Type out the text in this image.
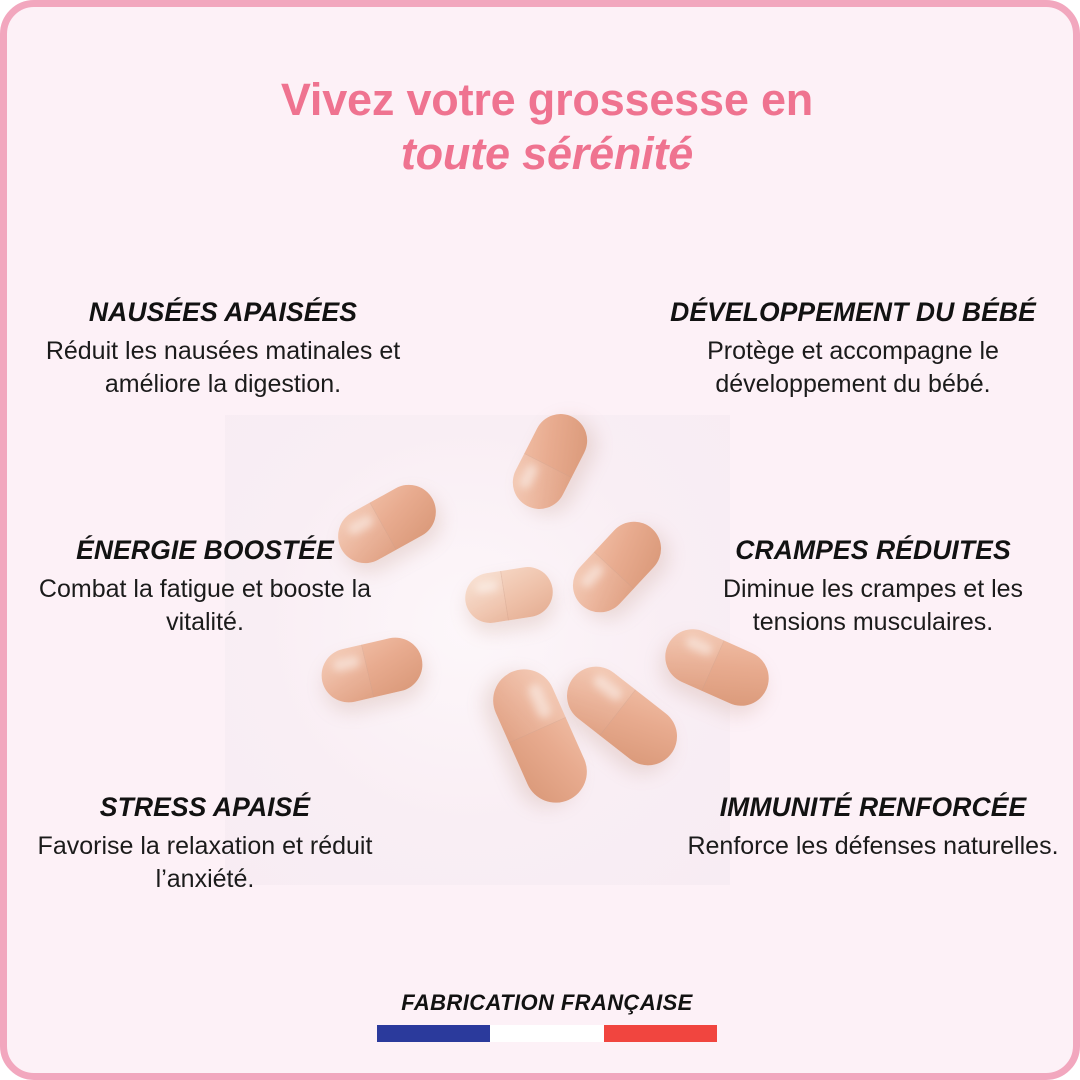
Vivez votre grossesse en
toute sérénité
NAUSÉES APAISÉES
Réduit les nausées matinales et améliore la digestion.
ÉNERGIE BOOSTÉE
Combat la fatigue et booste la vitalité.
STRESS APAISÉ
Favorise la relaxation et réduit l’anxiété.
DÉVELOPPEMENT DU BÉBÉ
Protège et accompagne le développement du bébé.
CRAMPES RÉDUITES
Diminue les crampes et les tensions musculaires.
IMMUNITÉ RENFORCÉE
Renforce les défenses naturelles.
FABRICATION FRANÇAISE
